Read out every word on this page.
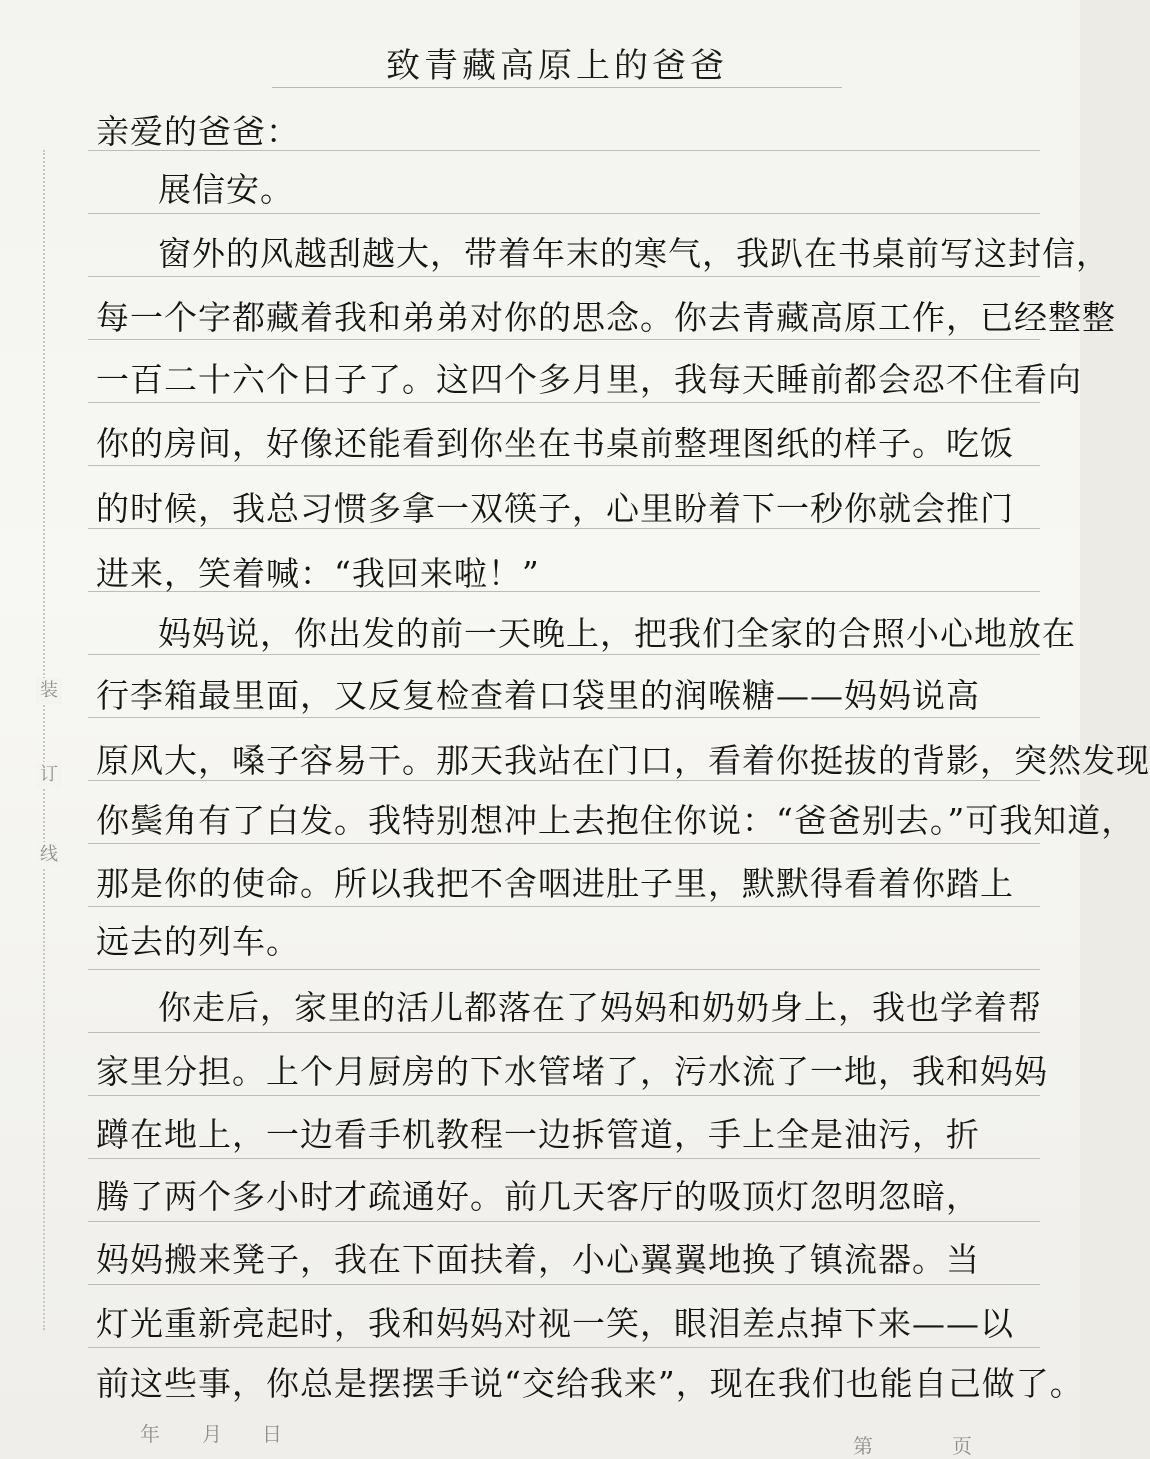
装
订
线
致青藏高原上的爸爸
亲爱的爸爸：
展信安。
窗外的风越刮越大，带着年末的寒气，我趴在书桌前写这封信，
每一个字都藏着我和弟弟对你的思念。你去青藏高原工作，已经整整
一百二十六个日子了。这四个多月里，我每天睡前都会忍不住看向
你的房间，好像还能看到你坐在书桌前整理图纸的样子。吃饭
的时候，我总习惯多拿一双筷子，心里盼着下一秒你就会推门
进来，笑着喊：“我回来啦！”
妈妈说，你出发的前一天晚上，把我们全家的合照小心地放在
行李箱最里面，又反复检查着口袋里的润喉糖——妈妈说高
原风大，嗓子容易干。那天我站在门口，看着你挺拔的背影，突然发现
你鬓角有了白发。我特别想冲上去抱住你说：“爸爸别去。”可我知道，
那是你的使命。所以我把不舍咽进肚子里，默默得看着你踏上
远去的列车。
你走后，家里的活儿都落在了妈妈和奶奶身上，我也学着帮
家里分担。上个月厨房的下水管堵了，污水流了一地，我和妈妈
蹲在地上，一边看手机教程一边拆管道，手上全是油污，折
腾了两个多小时才疏通好。前几天客厅的吸顶灯忽明忽暗，
妈妈搬来凳子，我在下面扶着，小心翼翼地换了镇流器。当
灯光重新亮起时，我和妈妈对视一笑，眼泪差点掉下来——以
前这些事，你总是摆摆手说“交给我来”，现在我们也能自己做了。
年 月 日	第	页
